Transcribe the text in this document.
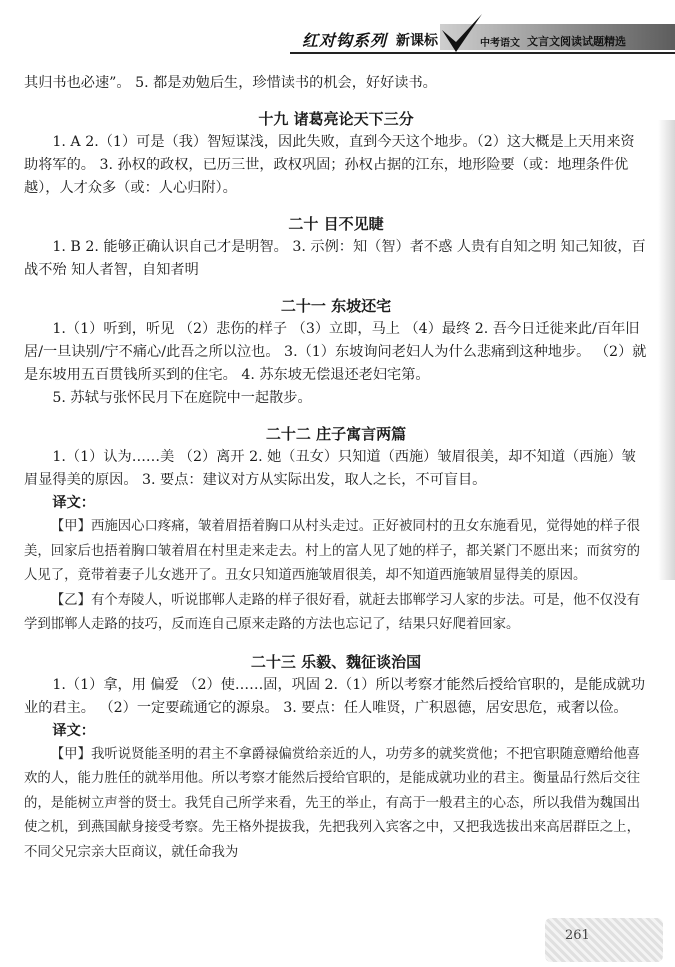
红对钩系列 新课标	中考语文 文言文阅读试题精选

其归书也必速”。 5. 都是劝勉后生，珍惜读书的机会，好好读书。

十九 诸葛亮论天下三分

1. A 2.（1）可是（我）智短谋浅，因此失败，直到今天这个地步。（2）这大概是上天用来资助将军的。 3. 孙权的政权，已历三世，政权巩固；孙权占据的江东，地形险要（或：地理条件优越），人才众多（或：人心归附）。

二十 目不见睫

1. B 2. 能够正确认识自己才是明智。 3. 示例：知（智）者不惑 人贵有自知之明 知己知彼，百战不殆 知人者智，自知者明

二十一 东坡还宅

1.（1）听到，听见 （2）悲伤的样子 （3）立即，马上 （4）最终 2. 吾今日迁徙来此/百年旧居/一旦诀别/宁不痛心/此吾之所以泣也。 3.（1）东坡询问老妇人为什么悲痛到这种地步。 （2）就是东坡用五百贯钱所买到的住宅。 4. 苏东坡无偿退还老妇宅第。

5. 苏轼与张怀民月下在庭院中一起散步。

二十二 庄子寓言两篇

1.（1）认为……美 （2）离开 2. 她（丑女）只知道（西施）皱眉很美，却不知道（西施）皱眉显得美的原因。 3. 要点：建议对方从实际出发，取人之长，不可盲目。

译文：

【甲】西施因心口疼痛，皱着眉捂着胸口从村头走过。正好被同村的丑女东施看见，觉得她的样子很美，回家后也捂着胸口皱着眉在村里走来走去。村上的富人见了她的样子，都关紧门不愿出来；而贫穷的人见了，竟带着妻子儿女逃开了。丑女只知道西施皱眉很美，却不知道西施皱眉显得美的原因。

【乙】有个寿陵人，听说邯郸人走路的样子很好看，就赶去邯郸学习人家的步法。可是，他不仅没有学到邯郸人走路的技巧，反而连自己原来走路的方法也忘记了，结果只好爬着回家。

二十三 乐毅、魏征谈治国

1.（1）拿，用 偏爱 （2）使……固，巩固 2.（1）所以考察才能然后授给官职的，是能成就功业的君主。 （2）一定要疏通它的源泉。 3. 要点：任人唯贤，广积恩德，居安思危，戒奢以俭。

译文：

【甲】我听说贤能圣明的君主不拿爵禄偏赏给亲近的人，功劳多的就奖赏他；不把官职随意赠给他喜欢的人，能力胜任的就举用他。所以考察才能然后授给官职的，是能成就功业的君主。衡量品行然后交往的，是能树立声誉的贤士。我凭自己所学来看，先王的举止，有高于一般君主的心态，所以我借为魏国出使之机，到燕国献身接受考察。先王格外提拔我，先把我列入宾客之中，又把我选拔出来高居群臣之上，不同父兄宗亲大臣商议，就任命我为

261
